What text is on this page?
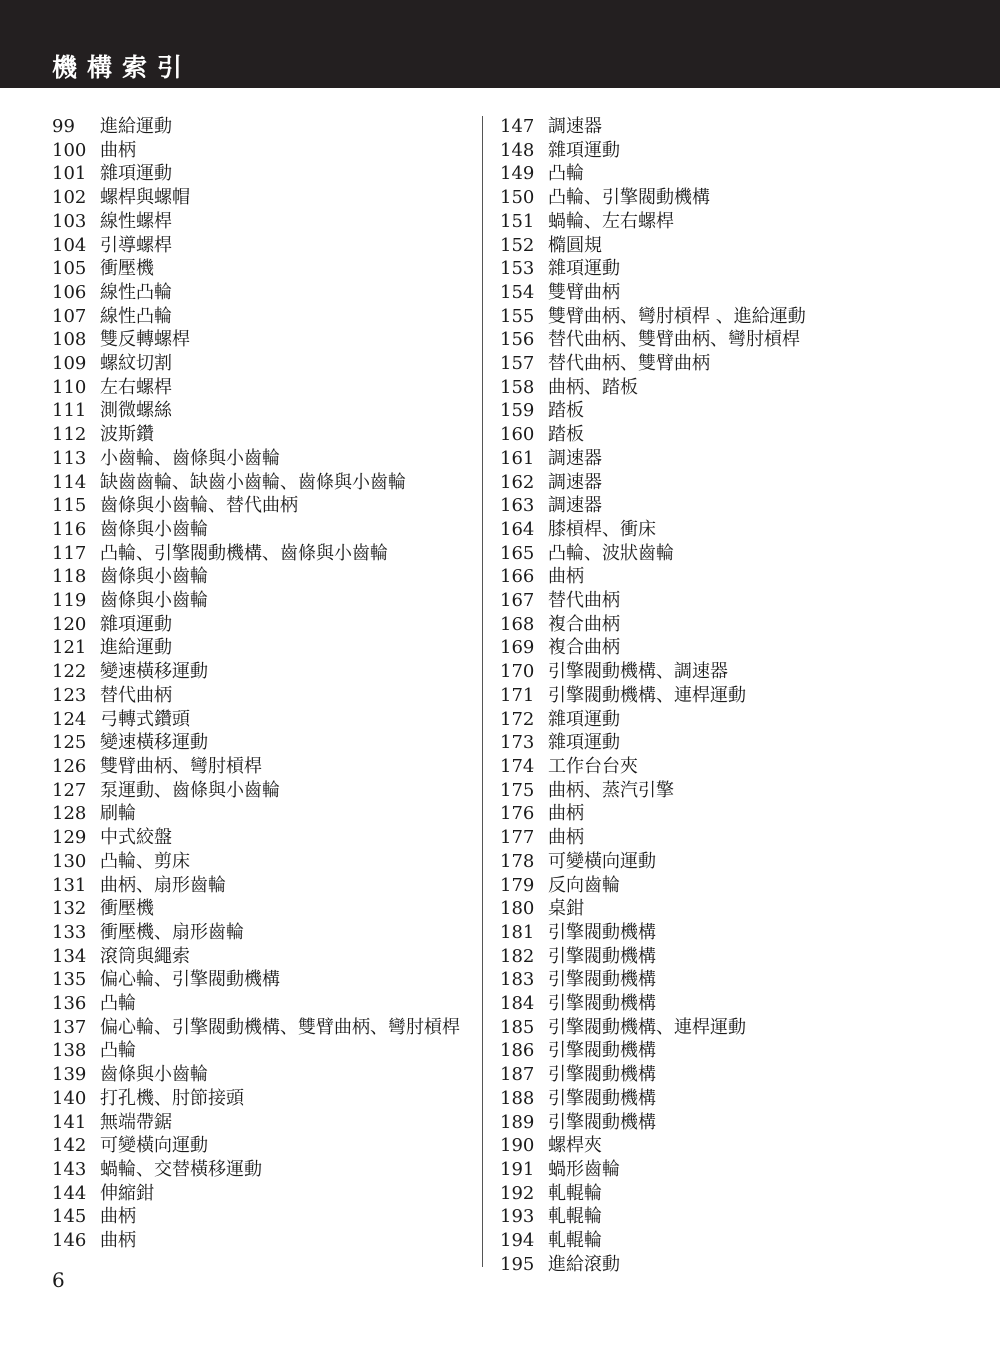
機構索引
99 進給運動
100 曲柄
101 雜項運動
102 螺桿與螺帽
103 線性螺桿
104 引導螺桿
105 衝壓機
106 線性凸輪
107 線性凸輪
108 雙反轉螺桿
109 螺紋切割
110 左右螺桿
111 測微螺絲
112 波斯鑽
113 小齒輪、齒條與小齒輪
114 缺齒齒輪、缺齒小齒輪、齒條與小齒輪
115 齒條與小齒輪、替代曲柄
116 齒條與小齒輪
117 凸輪、引擎閥動機構、齒條與小齒輪
118 齒條與小齒輪
119 齒條與小齒輪
120 雜項運動
121 進給運動
122 變速橫移運動
123 替代曲柄
124 弓轉式鑽頭
125 變速橫移運動
126 雙臂曲柄、彎肘槓桿
127 泵運動、齒條與小齒輪
128 刷輪
129 中式絞盤
130 凸輪、剪床
131 曲柄、扇形齒輪
132 衝壓機
133 衝壓機、扇形齒輪
134 滾筒與繩索
135 偏心輪、引擎閥動機構
136 凸輪
137 偏心輪、引擎閥動機構、雙臂曲柄、彎肘槓桿
138 凸輪
139 齒條與小齒輪
140 打孔機、肘節接頭
141 無端帶鋸
142 可變橫向運動
143 蝸輪、交替橫移運動
144 伸縮鉗
145 曲柄
146 曲柄
147 調速器
148 雜項運動
149 凸輪
150 凸輪、引擎閥動機構
151 蝸輪、左右螺桿
152 橢圓規
153 雜項運動
154 雙臂曲柄
155 雙臂曲柄、彎肘槓桿 、進給運動
156 替代曲柄、雙臂曲柄、彎肘槓桿
157 替代曲柄、雙臂曲柄
158 曲柄、踏板
159 踏板
160 踏板
161 調速器
162 調速器
163 調速器
164 膝槓桿、衝床
165 凸輪、波狀齒輪
166 曲柄
167 替代曲柄
168 複合曲柄
169 複合曲柄
170 引擎閥動機構、調速器
171 引擎閥動機構、連桿運動
172 雜項運動
173 雜項運動
174 工作台台夾
175 曲柄、蒸汽引擎
176 曲柄
177 曲柄
178 可變橫向運動
179 反向齒輪
180 桌鉗
181 引擎閥動機構
182 引擎閥動機構
183 引擎閥動機構
184 引擎閥動機構
185 引擎閥動機構、連桿運動
186 引擎閥動機構
187 引擎閥動機構
188 引擎閥動機構
189 引擎閥動機構
190 螺桿夾
191 蝸形齒輪
192 軋輥輪
193 軋輥輪
194 軋輥輪
195 進給滾動
6
